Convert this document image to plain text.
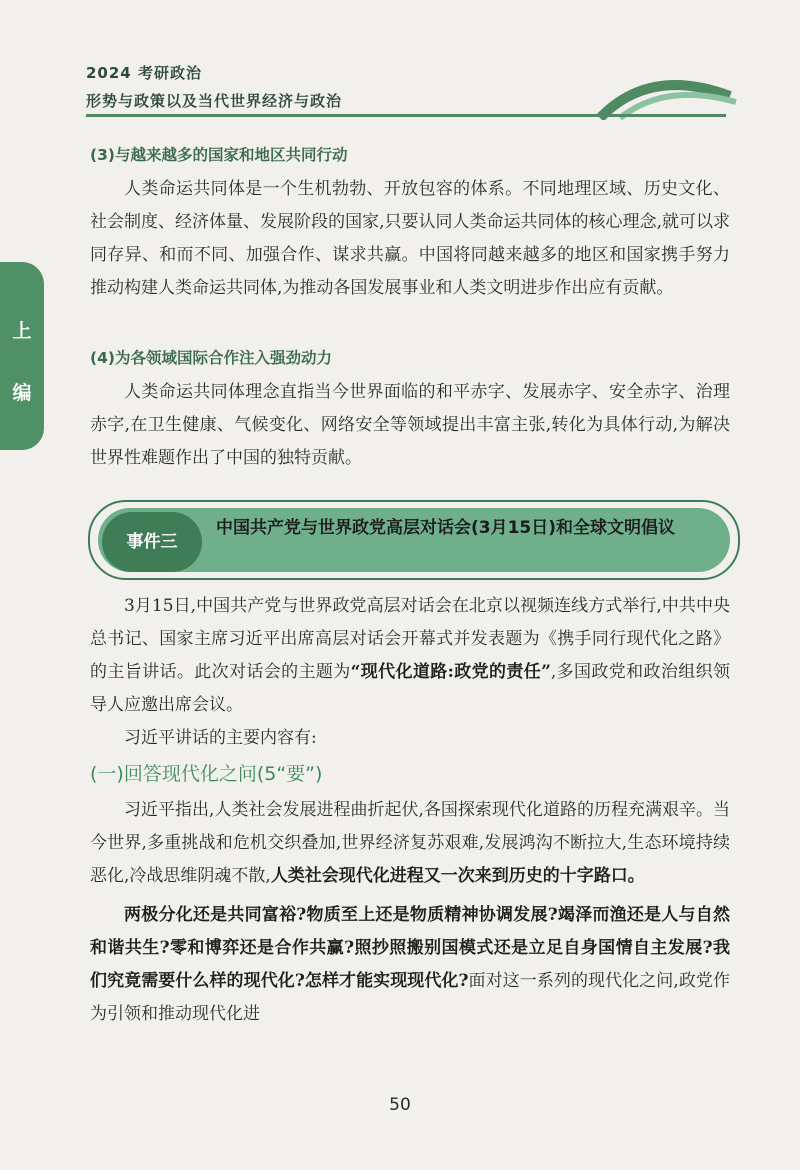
2024 考研政治
形势与政策以及当代世界经济与政治
上
编

(3)与越来越多的国家和地区共同行动

人类命运共同体是一个生机勃勃、开放包容的体系。不同地理区域、历史文化、社会制度、经济体量、发展阶段的国家,只要认同人类命运共同体的核心理念,就可以求同存异、和而不同、加强合作、谋求共赢。中国将同越来越多的地区和国家携手努力推动构建人类命运共同体,为推动各国发展事业和人类文明进步作出应有贡献。

(4)为各领域国际合作注入强劲动力

人类命运共同体理念直指当今世界面临的和平赤字、发展赤字、安全赤字、治理赤字,在卫生健康、气候变化、网络安全等领域提出丰富主张,转化为具体行动,为解决世界性难题作出了中国的独特贡献。

事件三
中国共产党与世界政党高层对话会(3月15日)和全球文明倡议

3月15日,中国共产党与世界政党高层对话会在北京以视频连线方式举行,中共中央总书记、国家主席习近平出席高层对话会开幕式并发表题为《携手同行现代化之路》的主旨讲话。此次对话会的主题为“现代化道路:政党的责任”,多国政党和政治组织领导人应邀出席会议。

习近平讲话的主要内容有:

(一)回答现代化之问(5“要”)

习近平指出,人类社会发展进程曲折起伏,各国探索现代化道路的历程充满艰辛。当今世界,多重挑战和危机交织叠加,世界经济复苏艰难,发展鸿沟不断拉大,生态环境持续恶化,冷战思维阴魂不散,人类社会现代化进程又一次来到历史的十字路口。

两极分化还是共同富裕?物质至上还是物质精神协调发展?竭泽而渔还是人与自然和谐共生?零和博弈还是合作共赢?照抄照搬别国模式还是立足自身国情自主发展?我们究竟需要什么样的现代化?怎样才能实现现代化?面对这一系列的现代化之问,政党作为引领和推动现代化进

50
